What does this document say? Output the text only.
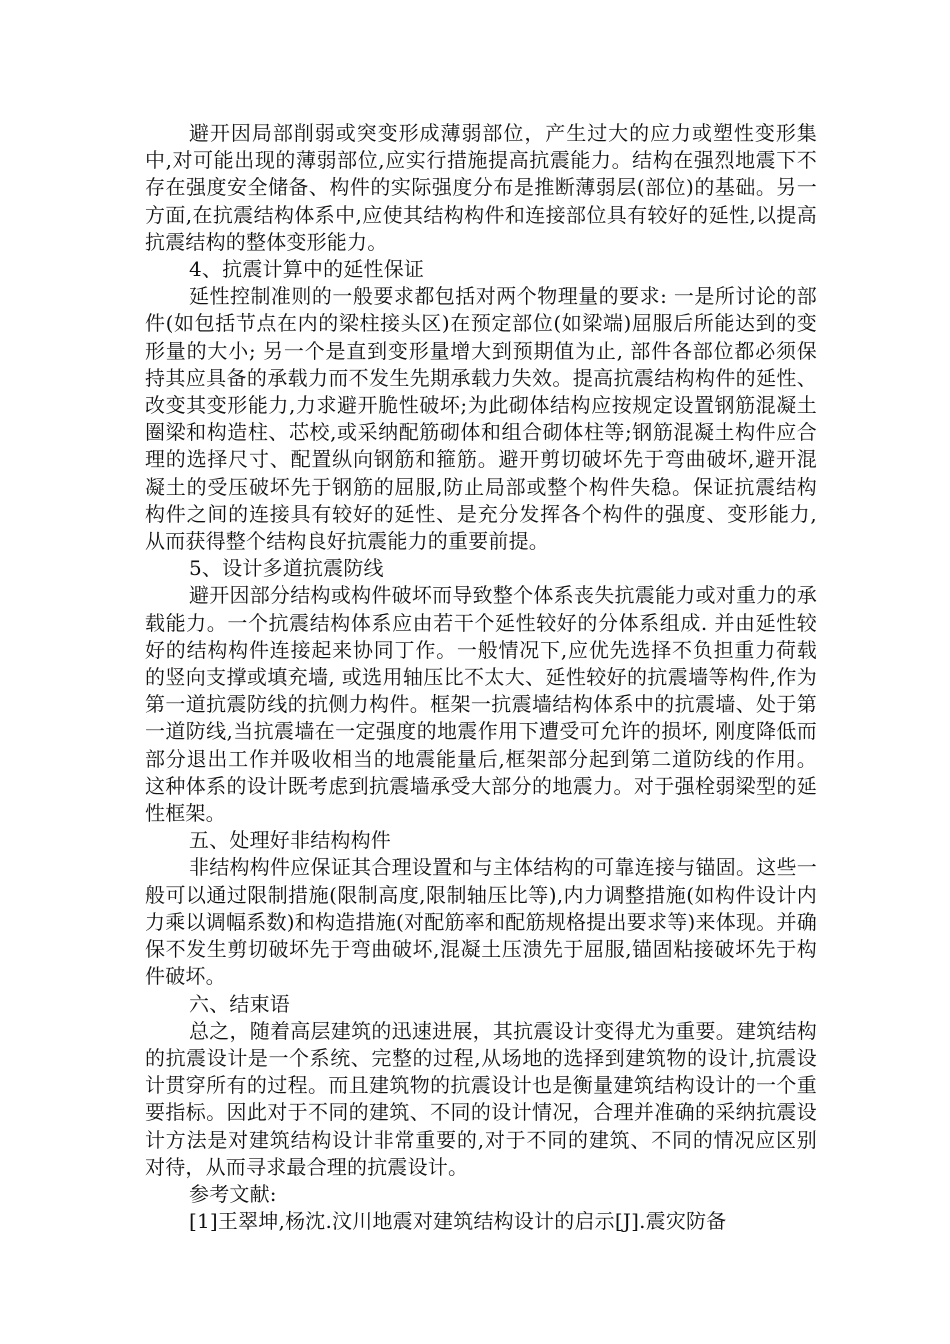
避开因局部削弱或突变形成薄弱部位，产生过大的应力或塑性变形集中,对可能出现的薄弱部位,应实行措施提高抗震能力。结构在强烈地震下不存在强度安全储备、构件的实际强度分布是推断薄弱层(部位)的基础。另一方面,在抗震结构体系中,应使其结构构件和连接部位具有较好的延性,以提高抗震结构的整体变形能力。

4、抗震计算中的延性保证

延性控制准则的一般要求都包括对两个物理量的要求: 一是所讨论的部件(如包括节点在内的梁柱接头区)在预定部位(如梁端)屈服后所能达到的变形量的大小; 另一个是直到变形量增大到预期值为止, 部件各部位都必须保持其应具备的承载力而不发生先期承载力失效。提高抗震结构构件的延性、改变其变形能力,力求避开脆性破坏;为此砌体结构应按规定设置钢筋混凝土圈梁和构造柱、芯校,或采纳配筋砌体和组合砌体柱等;钢筋混凝土构件应合理的选择尺寸、配置纵向钢筋和箍筋。避开剪切破坏先于弯曲破坏,避开混凝土的受压破坏先于钢筋的屈服,防止局部或整个构件失稳。保证抗震结构构件之间的连接具有较好的延性、是充分发挥各个构件的强度、变形能力,从而获得整个结构良好抗震能力的重要前提。

5、设计多道抗震防线

避开因部分结构或构件破坏而导致整个体系丧失抗震能力或对重力的承载能力。一个抗震结构体系应由若干个延性较好的分体系组成. 并由延性较好的结构构件连接起来协同丁作。一般情况下,应优先选择不负担重力荷载的竖向支撑或填充墙, 或选用轴压比不太大、延性较好的抗震墙等构件,作为第一道抗震防线的抗侧力构件。框架一抗震墙结构体系中的抗震墙、处于第一道防线,当抗震墙在一定强度的地震作用下遭受可允许的损坏, 刚度降低而部分退出工作并吸收相当的地震能量后,框架部分起到第二道防线的作用。这种体系的设计既考虑到抗震墙承受大部分的地震力。对于强栓弱梁型的延性框架。

五、处理好非结构构件

非结构构件应保证其合理设置和与主体结构的可靠连接与锚固。这些一般可以通过限制措施(限制高度,限制轴压比等),内力调整措施(如构件设计内力乘以调幅系数)和构造措施(对配筋率和配筋规格提出要求等)来体现。并确保不发生剪切破坏先于弯曲破坏,混凝土压溃先于屈服,锚固粘接破坏先于构件破坏。

六、结束语

总之，随着高层建筑的迅速进展，其抗震设计变得尤为重要。建筑结构的抗震设计是一个系统、完整的过程,从场地的选择到建筑物的设计,抗震设计贯穿所有的过程。而且建筑物的抗震设计也是衡量建筑结构设计的一个重要指标。因此对于不同的建筑、不同的设计情况，合理并准确的采纳抗震设计方法是对建筑结构设计非常重要的,对于不同的建筑、不同的情况应区别对待，从而寻求最合理的抗震设计。

参考文献:

[1]王翠坤,杨沈.汶川地震对建筑结构设计的启示[J].震灾防备
